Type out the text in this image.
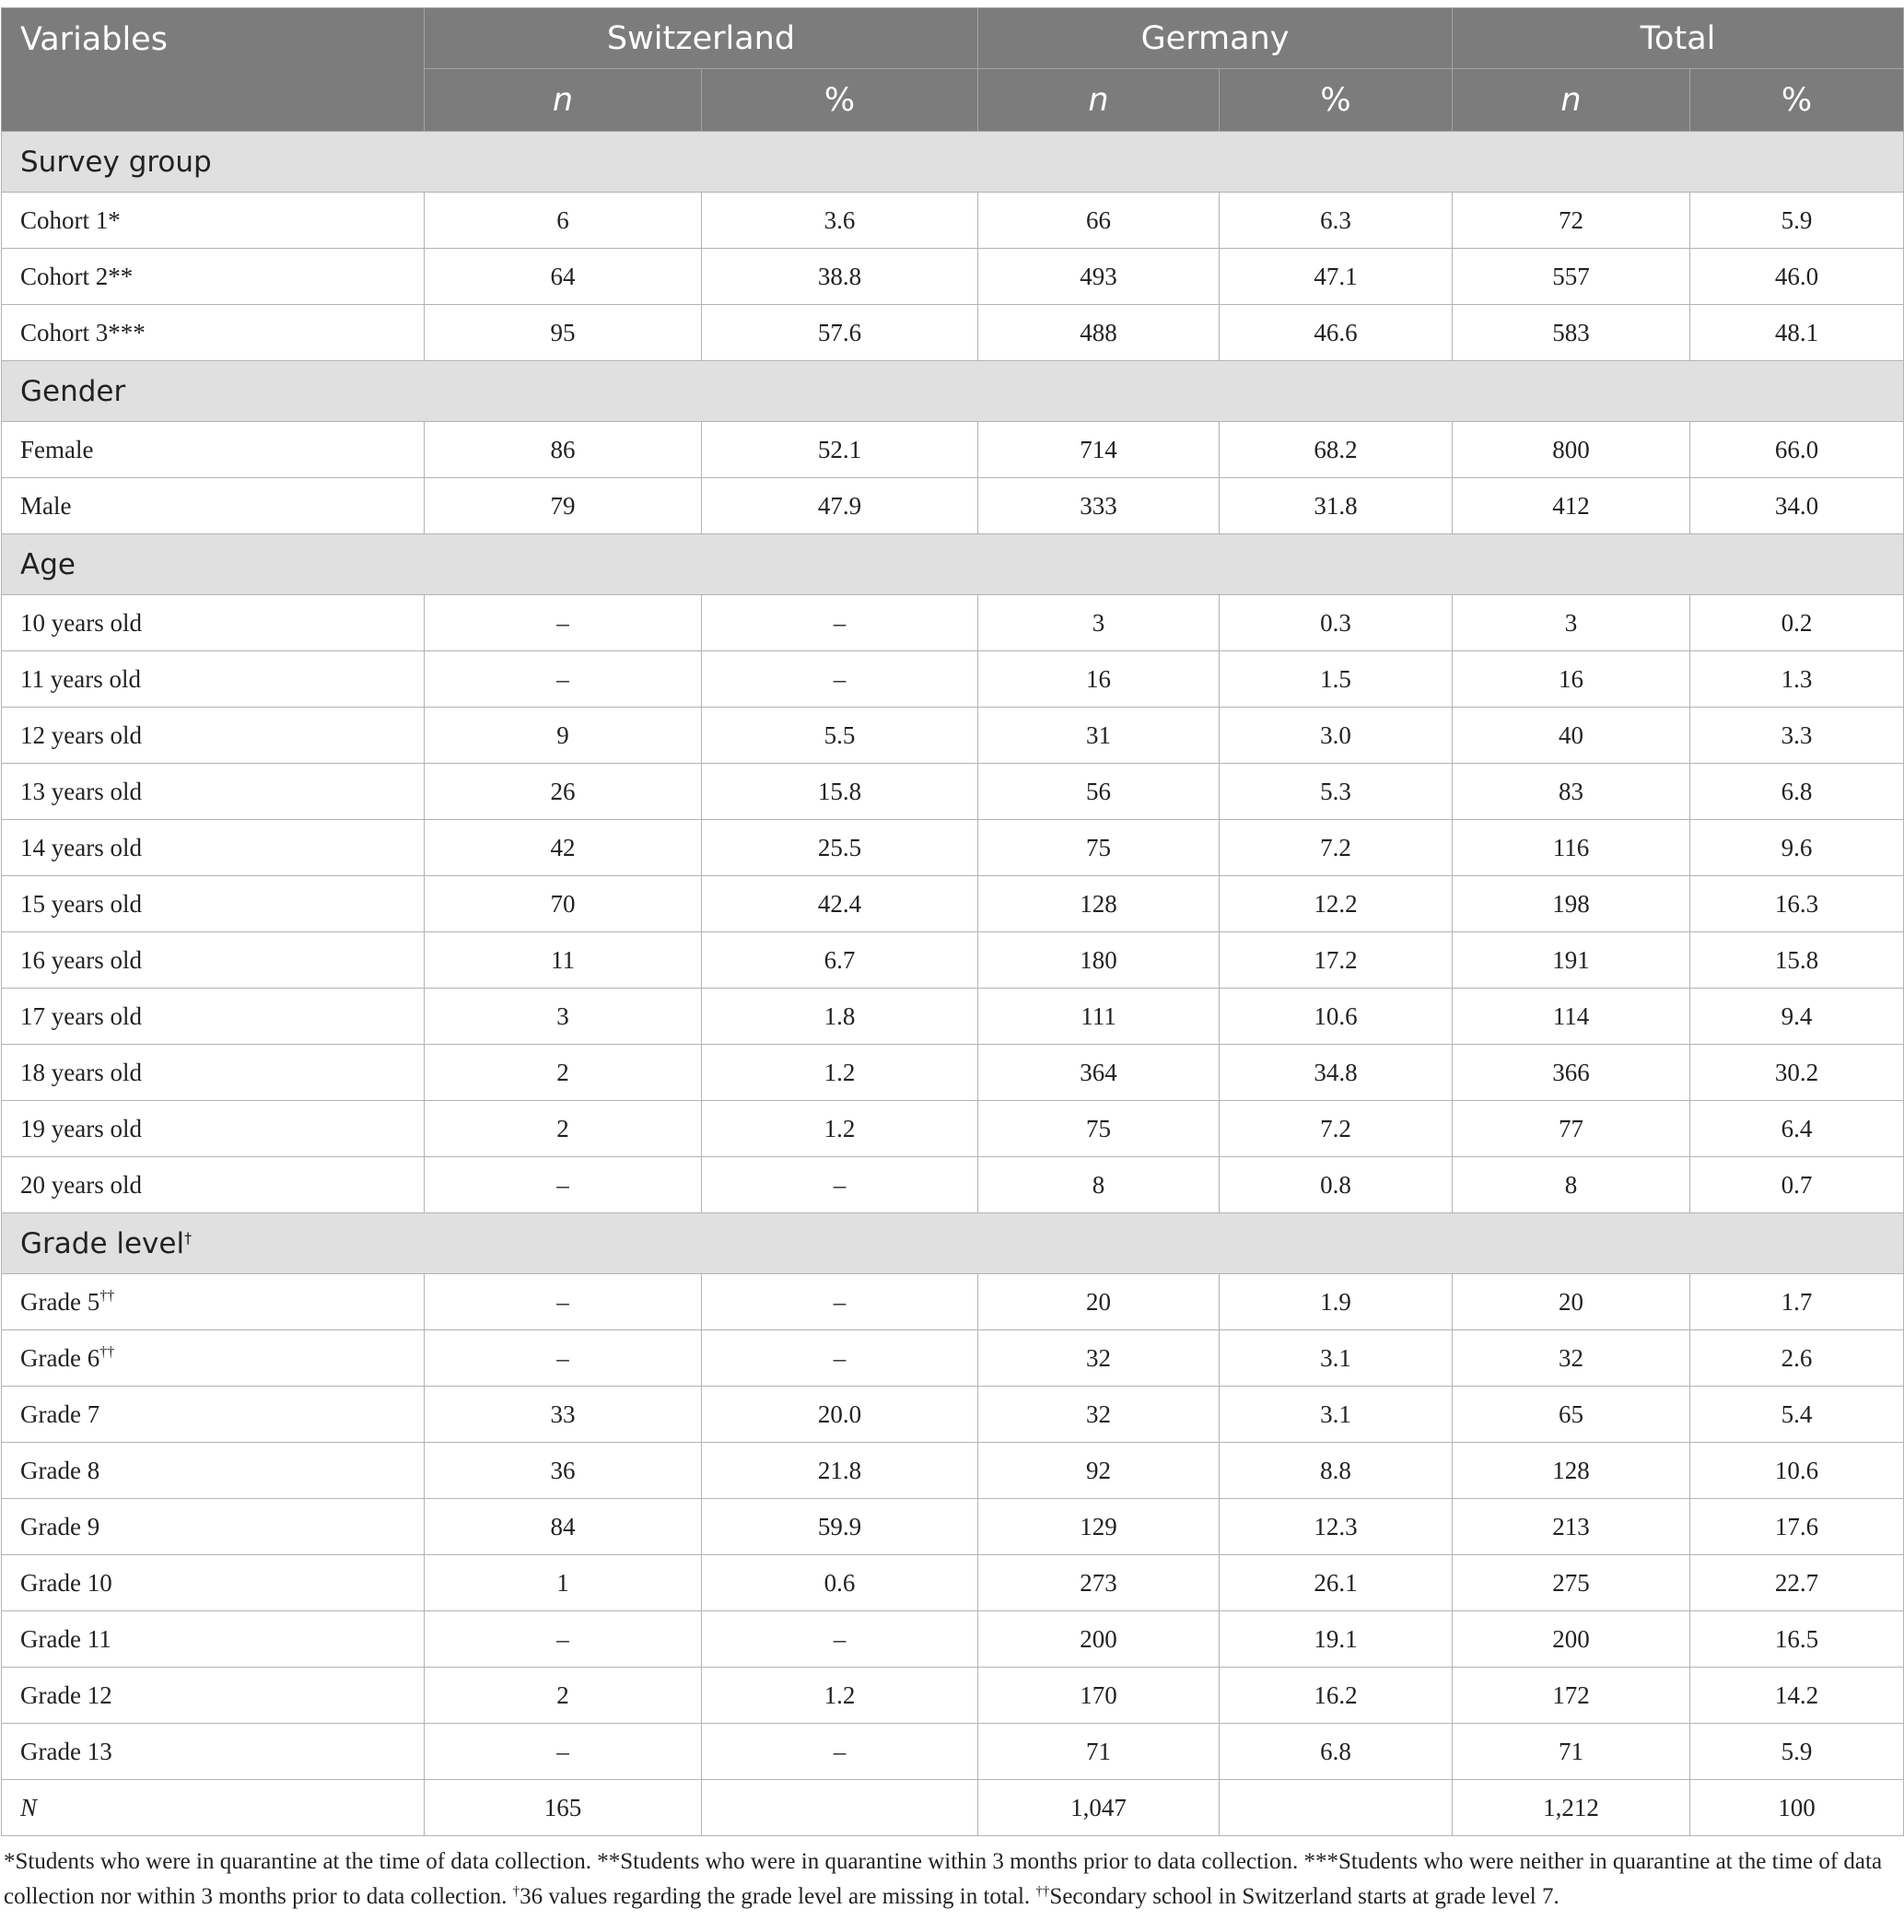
Variables	Switzerland		Germany		Total	
	n	%	n	%	n	%
Survey group						
Cohort 1*	6	3.6	66	6.3	72	5.9
Cohort 2**	64	38.8	493	47.1	557	46.0
Cohort 3***	95	57.6	488	46.6	583	48.1
Gender						
Female	86	52.1	714	68.2	800	66.0
Male	79	47.9	333	31.8	412	34.0
Age						
10 years old	–	–	3	0.3	3	0.2
11 years old	–	–	16	1.5	16	1.3
12 years old	9	5.5	31	3.0	40	3.3
13 years old	26	15.8	56	5.3	83	6.8
14 years old	42	25.5	75	7.2	116	9.6
15 years old	70	42.4	128	12.2	198	16.3
16 years old	11	6.7	180	17.2	191	15.8
17 years old	3	1.8	111	10.6	114	9.4
18 years old	2	1.2	364	34.8	366	30.2
19 years old	2	1.2	75	7.2	77	6.4
20 years old	–	–	8	0.8	8	0.7
Grade level†
Grade 5††	–	–	20	1.9	20	1.7
Grade 6††	–	–	32	3.1	32	2.6
Grade 7	33	20.0	32	3.1	65	5.4
Grade 8	36	21.8	92	8.8	128	10.6
Grade 9	84	59.9	129	12.3	213	17.6
Grade 10	1	0.6	273	26.1	275	22.7
Grade 11	–	–	200	19.1	200	16.5
Grade 12	2	1.2	170	16.2	172	14.2
Grade 13	–	–	71	6.8	71	5.9
N	165		1,047		1,212	100
*Students who were in quarantine at the time of data collection. **Students who were in quarantine within 3 months prior to data collection. ***Students who were neither in quarantine at the time of data collection nor within 3 months prior to data collection. †36 values regarding the grade level are missing in total. ††Secondary school in Switzerland starts at grade level 7.
